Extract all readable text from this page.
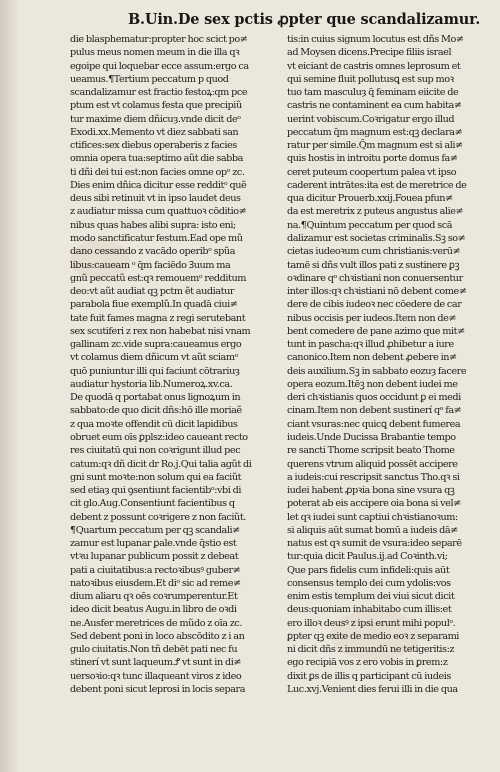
B.Uin.De sex pctis ꝓpter que scandalizamur.
die blasphematur:propter hoc scict po≠
pulus meus nomen meum in die illa qꝛ
egoipe qui loquebar ecce assum:ergo ca
ueamus.¶Tertium peccatum p quod
scandalizamur est fractio festoꝝ:qm pce
ptum est vt colamus festa que precipiũ
tur maxime diem dñicuȝ.vnde dicit deᵒ
Exodi.xx.Memento vt diez sabbati san
ctifices:sex diebus operaberis z facies
omnia opera tua:septimo aũt die sabba
ti dñi dei tui est:non facies omne opᵒ zc.
Dies enim dñica dicitur esse redditᵒ quẽ
deus sibi retinuit vt in ipso laudet deus
z audiatur missa cum quattuoꝛ cōditio≠
nibus quas habes alibi supra: isto eni;
modo sanctificatur festum.Ead ope mũ
dano cessando z vacādo operibᵒ spũa
libus:caueam ᵒ q̄m faciēdo Ꝫuum ma
gnũ peccatũ est:qꝛ remouemᵒ redditum
deo:vt aũt audiat qꝫ pctm ẽt audiatur
parabola fiue exemplũ.In quadā ciui≠
tate fuit fames magna z regi serutebant
sex scutiferi z rex non habebat nisi vnam
gallinam zc.vide supra:caueamus ergo
vt colamus diem dñicum vt aũt sciamᵒ
quō puniuntur illi qui faciunt cōtrariuȝ
audiatur hystoria lib.Numeroꝝ.xv.ca.
De quodā q portabat onus lignoꝝum in
sabbato:de quo dicit dñs:hō ille moriaẽ
z qua moꝛte offendit cū dicit lapidibus
obruet eum oīs ꝑplsz:ideo caueant recto
res ciuitatū qui non coꝛrigunt illud pec
catum:qꝛ dñ dicit dr Ro.j.Qui talia agũt di
gni sunt moꝛte:non solum qui ea faciũt
sed etiaȝ qui ꝯsentiunt facientibᵒ:vbi di
cit glo.Aug.Consentiunt facientibus q
debent z possunt coꝛrigere z non faciũt.
¶Quartum peccatum per qꝫ scandali≠
zamur est lupanar ꝑale.vnde q̄stio est
vtꝛu lupanar publicum possit z debeat
pati a ciuitatibus:a rectoꝛibusꝰ guber≠
natoꝛibus eiusdem.Et diᵒ sic ad reme≠
dium aliaru qꝛ oēs coꝛrumperentur.Et
ideo dicit beatus Augu.in libro de oꝛdi
ne.Ausfer meretrices de mũdo z oīa zc.
Sed debent poni in loco abscōdito z i an
gulo ciuitatis.Non tñ debēt pati nec fu
stinerí vt sunt laqueum.Ꝭ vt sunt in di≠
uersoꝛio:qꝛ tunc illaqueant viros z ideo
debent poni sicut leprosi in locis separa
tis:in cuius signum locutus est dñs Mo≠
ad Moysen dicens.Precipe filiis israel
vt eiciant de castris omnes leprosum et
qui semine fluit pollutusꝗ est sup moꝛ
tuo tam masculuȝ q̄ feminam eiicite de
castris ne contaminent ea cum habita≠
uerint vobiscum.Coꝛrigatur ergo illud
peccatum q̄m magnum est:qꝫ declara≠
ratur per simile.Q̄m magnum est si ali≠
quis hostis in introitu porte domus fa≠
ceret puteum coopertum palea vt ipso
caderent intrātes:ita est de meretrice de
qua dicitur Prouerb.xxij.Fouea pfun≠
da est meretrix z puteus angustus alie≠
na.¶Quintum peccatum per quod scā
dalizamur est societas criminalis.Sꝫ so≠
cietas iudeoꝛum cum christianis:verū≠
tamē si dñs vult illos pati z sustinere ꝑꝫ
oꝛdinare qᵒ chꝛistiani non conuersentur
inter illos:qꝛ chꝛistiani nō debent come≠
dere de cibis iudeoꝛ nec cōedere de car
nibus occisis per iudeos.Item non de≠
bent comedere de pane azimo que mit≠
tunt in pascha:qꝛ illud ꝓhibetur a iure
canonico.Item non debent ꝓebere in≠
deis auxilium.Sꝫ in sabbato eozuȝ facere
opera eozum.Itēꝫ non debent iudei me
deri chꝛistianis quos occidunt ꝑ ei medi
cinam.Item non debent sustinerí qᵒ fa≠
ciant vsuras:nec quicꝗ debent fumerea
iudeis.Unde Ducissa Brabantie tempo
re sancti Thome scripsit beato Thome
querens vtrum aliquid possēt accipere
a iudeis:cui rescripsit sanctus Tho.qꝛ si
iudei habent ꝓpꝛia bona sine vsura qꝫ
poterat ab eis accipere oia bona si vel≠
let qꝛ iudei sunt captiui chꝛistianoꝛum:
si aliquis aūt sumat bomū a iudeis dā≠
natus est qꝛ sumit de vsura:ideo separē
tur:quia dicit Paulus.ij.ad Coꝛinth.vi;
Que pars fidelis cum infideli:quis aūt
consensus templo dei cum ydolis:vos
enim estis templum dei viui sicut dicit
deus:quoniam inhabitabo cum illis:et
ero illoꝛ deusꝰ z ipsi erunt mihi populᵒ.
ꝑpter qꝫ exite de medio eoꝛ z separami
ni dicit dñs z immundū ne tetigeritis:z
ego recipiā vos z ero vobis in ꝑrem:z
dixit ꝑs de illis q participant cū iudeis
Luc.xvj.Venient dies ferui illi in die qua
